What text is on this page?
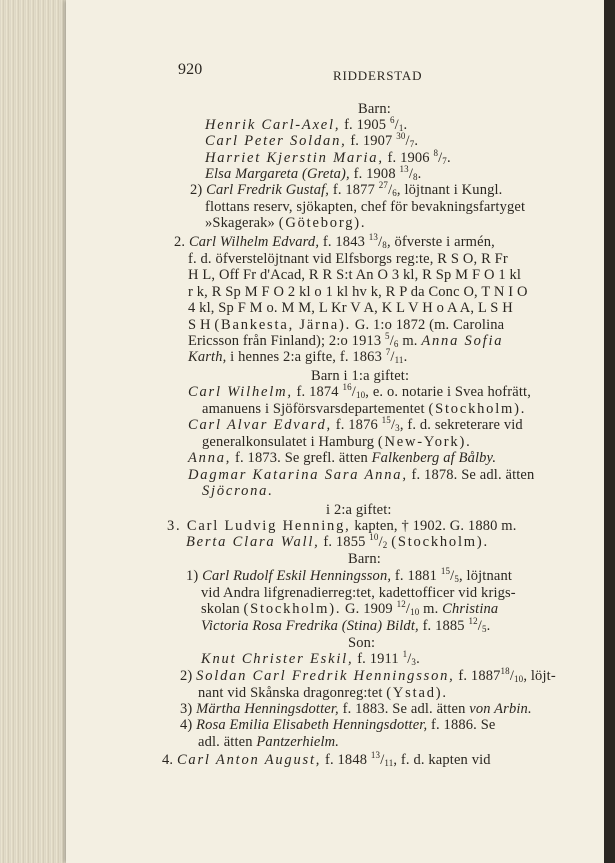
920	RIDDERSTAD
Barn:
Henrik Carl-Axel, f. 1905 $^6/_1$.
Carl Peter Soldan, f. 1907 $^{30}/_7$.
Harriet Kjerstin Maria, f. 1906 $^8/_7$.
Elsa Margareta (Greta), f. 1908 $^{13}/_8$.
2) Carl Fredrik Gustaf, f. 1877 $^{27}/_6$, löjtnant i Kungl.
flottans reserv, sjökapten, chef för bevakningsfartyget
»Skagerak» (Göteborg).
2. Carl Wilhelm Edvard, f. 1843 $^{13}/_8$, öfverste i armén,
f. d. öfverstelöjtnant vid Elfsborgs reg:te, R S O, R Fr
H L, Off Fr d'Acad, R R S:t An O 3 kl, R Sp M F O 1 kl
r k, R Sp M F O 2 kl o 1 kl hv k, R P da Conc O, T N I O
4 kl, Sp F M o. M M, L Kr V A, K L V H o A A, L S H
S H (Bankesta, Järna). G. 1:o 1872 (m. Carolina
Ericsson från Finland); 2:o 1913 $^5/_6$ m. Anna Sofia
Karth, i hennes 2:a gifte, f. 1863 $^7/_{11}$.
Barn i 1:a giftet:
Carl Wilhelm, f. 1874 $^{16}/_{10}$, e. o. notarie i Svea hofrätt,
amanuens i Sjöförsvarsdepartementet (Stockholm).
Carl Alvar Edvard, f. 1876 $^{15}/_3$, f. d. sekreterare vid
generalkonsulatet i Hamburg (New-York).
Anna, f. 1873. Se grefl. ätten Falkenberg af Bålby.
Dagmar Katarina Sara Anna, f. 1878. Se adl. ätten
Sjöcrona.
i 2:a giftet:
3. Carl Ludvig Henning, kapten, † 1902. G. 1880 m.
Berta Clara Wall, f. 1855 $^{10}/_2$ (Stockholm).
Barn:
1) Carl Rudolf Eskil Henningsson, f. 1881 $^{15}/_5$, löjtnant
vid Andra lifgrenadierreg:tet, kadettofficer vid krigs-
skolan (Stockholm). G. 1909 $^{12}/_{10}$ m. Christina
Victoria Rosa Fredrika (Stina) Bildt, f. 1885 $^{12}/_5$.
Son:
Knut Christer Eskil, f. 1911 $^1/_3$.
2) Soldan Carl Fredrik Henningsson, f. $1887^{18}/_{10}$, löjt-
nant vid Skånska dragonreg:tet (Ystad).
3) Märtha Henningsdotter, f. 1883. Se adl. ätten von Arbin.
4) Rosa Emilia Elisabeth Henningsdotter, f. 1886. Se
adl. ätten Pantzerhielm.
4. Carl Anton August, f. 1848 $^{13}/_{11}$, f. d. kapten vid
